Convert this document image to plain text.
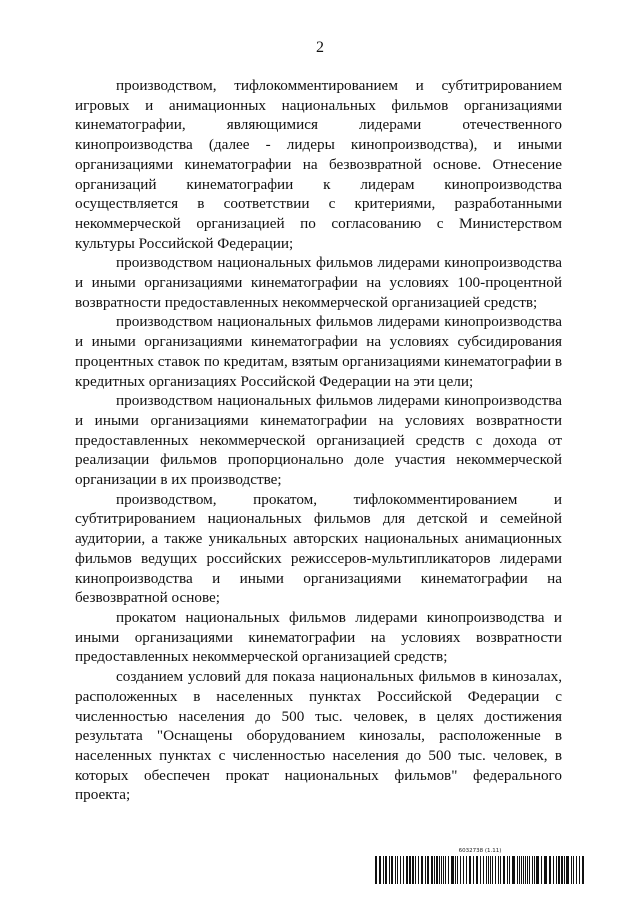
2

производством, тифлокомментированием и субтитрированием игровых и анимационных национальных фильмов организациями кинематографии, являющимися лидерами отечественного кинопроизводства (далее - лидеры кинопроизводства), и иными организациями кинематографии на безвозвратной основе. Отнесение организаций кинематографии к лидерам кинопроизводства осуществляется в соответствии с критериями, разработанными некоммерческой организацией по согласованию с Министерством культуры Российской Федерации;

производством национальных фильмов лидерами кинопроизводства и иными организациями кинематографии на условиях 100-процентной возвратности предоставленных некоммерческой организацией средств;

производством национальных фильмов лидерами кинопроизводства и иными организациями кинематографии на условиях субсидирования процентных ставок по кредитам, взятым организациями кинематографии в кредитных организациях Российской Федерации на эти цели;

производством национальных фильмов лидерами кинопроизводства и иными организациями кинематографии на условиях возвратности предоставленных некоммерческой организацией средств с дохода от реализации фильмов пропорционально доле участия некоммерческой организации в их производстве;

производством, прокатом, тифлокомментированием и субтитрированием национальных фильмов для детской и семейной аудитории, а также уникальных авторских национальных анимационных фильмов ведущих российских режиссеров-мультипликаторов лидерами кинопроизводства и иными организациями кинематографии на безвозвратной основе;

прокатом национальных фильмов лидерами кинопроизводства и иными организациями кинематографии на условиях возвратности предоставленных некоммерческой организацией средств;

созданием условий для показа национальных фильмов в кинозалах, расположенных в населенных пунктах Российской Федерации с численностью населения до 500 тыс. человек, в целях достижения результата "Оснащены оборудованием кинозалы, расположенные в населенных пунктах с численностью населения до 500 тыс. человек, в которых обеспечен прокат национальных фильмов" федерального проекта;

6032738 (1.11)
